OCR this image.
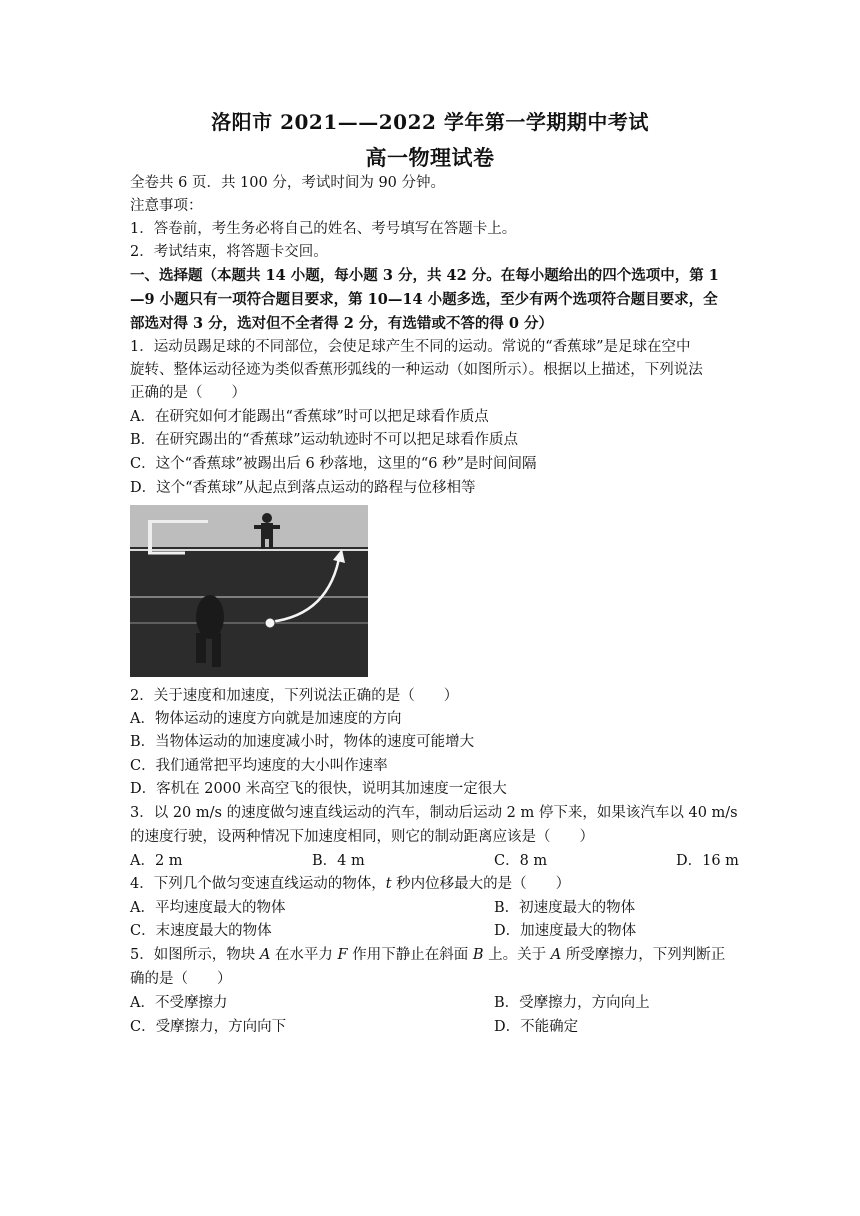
洛阳市 2021——2022 学年第一学期期中考试
高一物理试卷
全卷共 6 页．共 100 分，考试时间为 90 分钟。
注意事项：
1．答卷前，考生务必将自己的姓名、考号填写在答题卡上。
2．考试结束，将答题卡交回。
一、选择题（本题共 14 小题，每小题 3 分，共 42 分。在每小题给出的四个选项中，第 1
—9 小题只有一项符合题目要求，第 10—14 小题多选，至少有两个选项符合题目要求，全
部选对得 3 分，选对但不全者得 2 分，有选错或不答的得 0 分）
1．运动员踢足球的不同部位，会使足球产生不同的运动。常说的“香蕉球”是足球在空中
旋转、整体运动径迹为类似香蕉形弧线的一种运动（如图所示）。根据以上描述，下列说法
正确的是（　　）
A．在研究如何才能踢出“香蕉球”时可以把足球看作质点
B．在研究踢出的“香蕉球”运动轨迹时不可以把足球看作质点
C．这个“香蕉球”被踢出后 6 秒落地，这里的“6 秒”是时间间隔
D．这个“香蕉球”从起点到落点运动的路程与位移相等
2．关于速度和加速度，下列说法正确的是（　　）
A．物体运动的速度方向就是加速度的方向
B．当物体运动的加速度减小时，物体的速度可能增大
C．我们通常把平均速度的大小叫作速率
D．客机在 2000 米高空飞的很快，说明其加速度一定很大
3．以 20 m/s 的速度做匀速直线运动的汽车，制动后运动 2 m 停下来，如果该汽车以 40 m/s
的速度行驶，设两种情况下加速度相同，则它的制动距离应该是（　　）
A．2 m	B．4 m	C．8 m	D．16 m
4．下列几个做匀变速直线运动的物体，t 秒内位移最大的是（　　）
A．平均速度最大的物体	B．初速度最大的物体
C．末速度最大的物体	D．加速度最大的物体
5．如图所示，物块 A 在水平力 F 作用下静止在斜面 B 上。关于 A 所受摩擦力，下列判断正
确的是（　　）
A．不受摩擦力	B．受摩擦力，方向向上
C．受摩擦力，方向向下	D．不能确定
